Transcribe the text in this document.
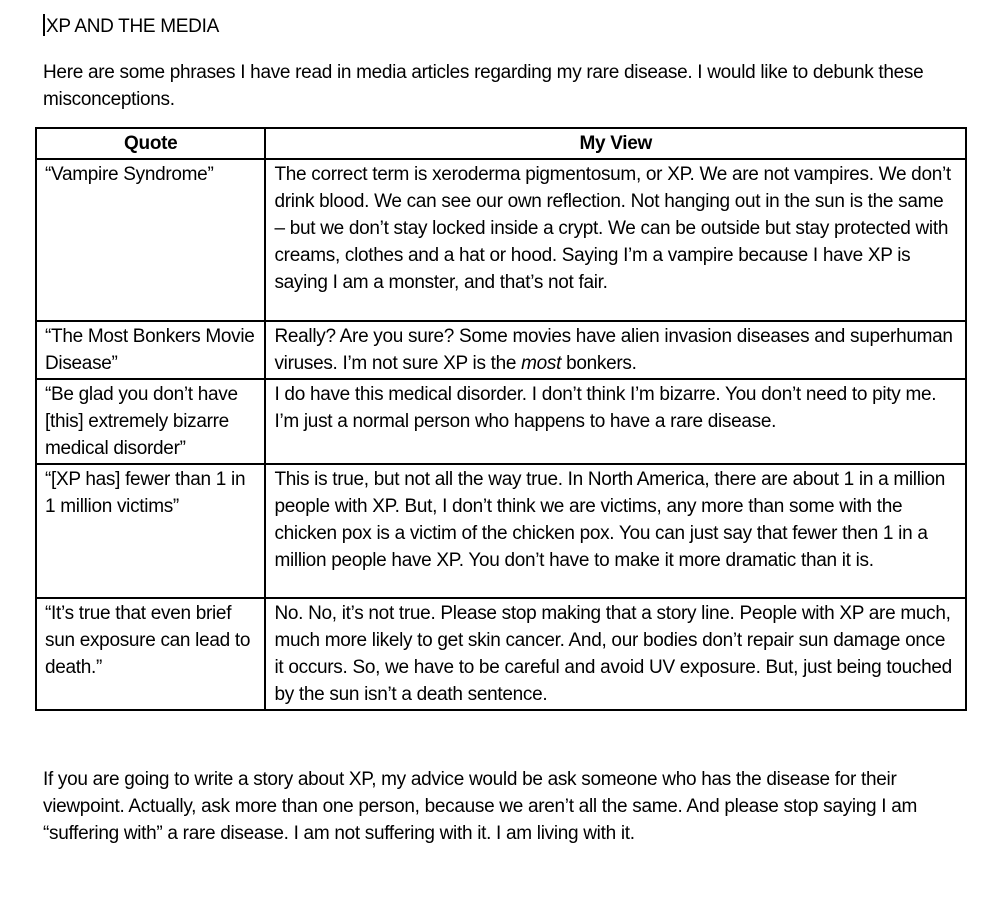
XP AND THE MEDIA

Here are some phrases I have read in media articles regarding my rare disease. I would like to debunk these misconceptions.

Quote	My View
“Vampire Syndrome”	The correct term is xeroderma pigmentosum, or XP. We are not vampires. We don’t drink blood. We can see our own reflection. Not hanging out in the sun is the same – but we don’t stay locked inside a crypt. We can be outside but stay protected with creams, clothes and a hat or hood. Saying I’m a vampire because I have XP is saying I am a monster, and that’s not fair.
“The Most Bonkers Movie Disease”	Really? Are you sure? Some movies have alien invasion diseases and superhuman viruses. I’m not sure XP is the most bonkers.
“Be glad you don’t have [this] extremely bizarre medical disorder”	I do have this medical disorder. I don’t think I’m bizarre. You don’t need to pity me. I’m just a normal person who happens to have a rare disease.
“[XP has] fewer than 1 in 1 million victims”	This is true, but not all the way true. In North America, there are about 1 in a million people with XP. But, I don’t think we are victims, any more than some with the chicken pox is a victim of the chicken pox. You can just say that fewer then 1 in a million people have XP. You don’t have to make it more dramatic than it is.
“It’s true that even brief sun exposure can lead to death.”	No. No, it’s not true. Please stop making that a story line. People with XP are much, much more likely to get skin cancer. And, our bodies don’t repair sun damage once it occurs. So, we have to be careful and avoid UV exposure. But, just being touched by the sun isn’t a death sentence.

If you are going to write a story about XP, my advice would be ask someone who has the disease for their viewpoint. Actually, ask more than one person, because we aren’t all the same. And please stop saying I am “suffering with” a rare disease. I am not suffering with it. I am living with it.
